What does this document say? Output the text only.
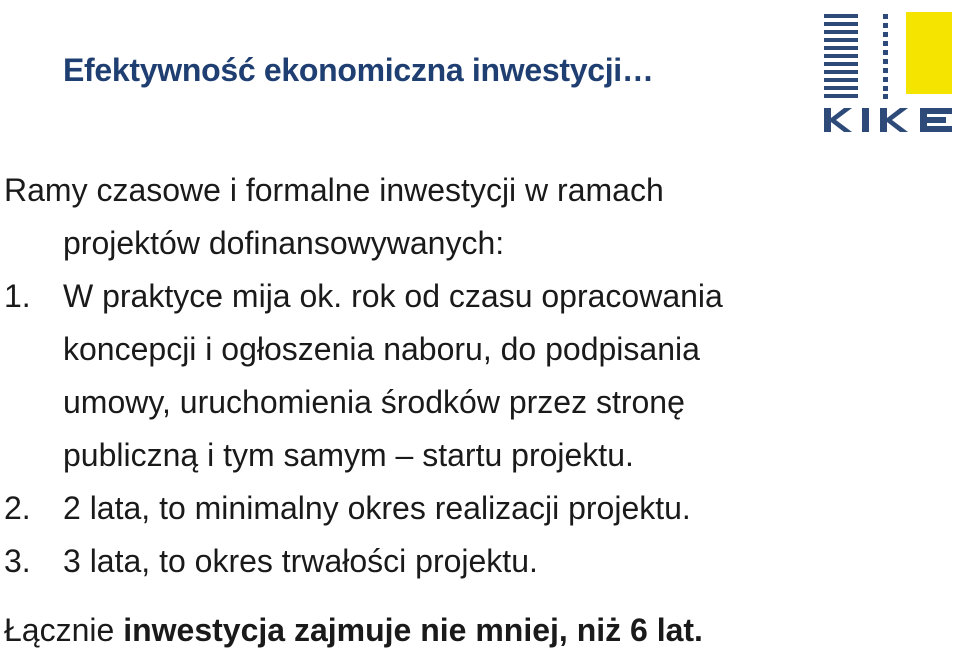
Efektywność ekonomiczna inwestycji…
Ramy czasowe i formalne inwestycji w ramach
projektów dofinansowywanych:
1.	W praktyce mija ok. rok od czasu opracowania
koncepcji i ogłoszenia naboru, do podpisania
umowy, uruchomienia środków przez stronę
publiczną i tym samym – startu projektu.
2.	2 lata, to minimalny okres realizacji projektu.
3.	3 lata, to okres trwałości projektu.
Łącznie inwestycja zajmuje nie mniej, niż 6 lat.
